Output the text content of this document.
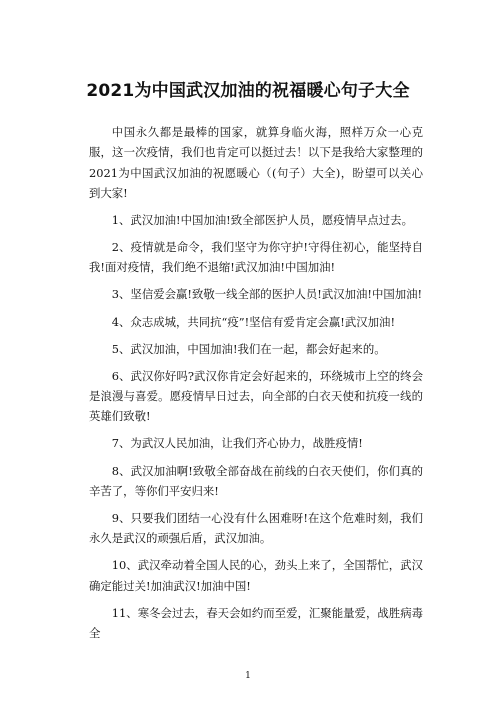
2021为中国武汉加油的祝福暖心句子大全

中国永久都是最棒的国家，就算身临火海，照样万众一心克服，这一次疫情，我们也肯定可以挺过去！以下是我给大家整理的2021为中国武汉加油的祝愿暖心（(句子）大全)，盼望可以关心到大家!

1、武汉加油!中国加油!致全部医护人员，愿疫情早点过去。

2、疫情就是命令，我们坚守为你守护!守得住初心，能坚持自我!面对疫情，我们绝不退缩!武汉加油!中国加油!

3、坚信爱会赢!致敬一线全部的医护人员!武汉加油!中国加油!

4、众志成城，共同抗“疫”!坚信有爱肯定会赢!武汉加油!

5、武汉加油，中国加油!我们在一起，都会好起来的。

6、武汉你好吗?武汉你肯定会好起来的，环绕城市上空的终会是浪漫与喜爱。愿疫情早日过去，向全部的白衣天使和抗疫一线的英雄们致敬!

7、为武汉人民加油，让我们齐心协力，战胜疫情!

8、武汉加油啊!致敬全部奋战在前线的白衣天使们，你们真的辛苦了，等你们平安归来!

9、只要我们团结一心没有什么困难呀!在这个危难时刻，我们永久是武汉的顽强后盾，武汉加油。

10、武汉牵动着全国人民的心，劲头上来了，全国帮忙，武汉确定能过关!加油武汉!加油中国!

11、寒冬会过去，春天会如约而至爱，汇聚能量爱，战胜病毒全

1
